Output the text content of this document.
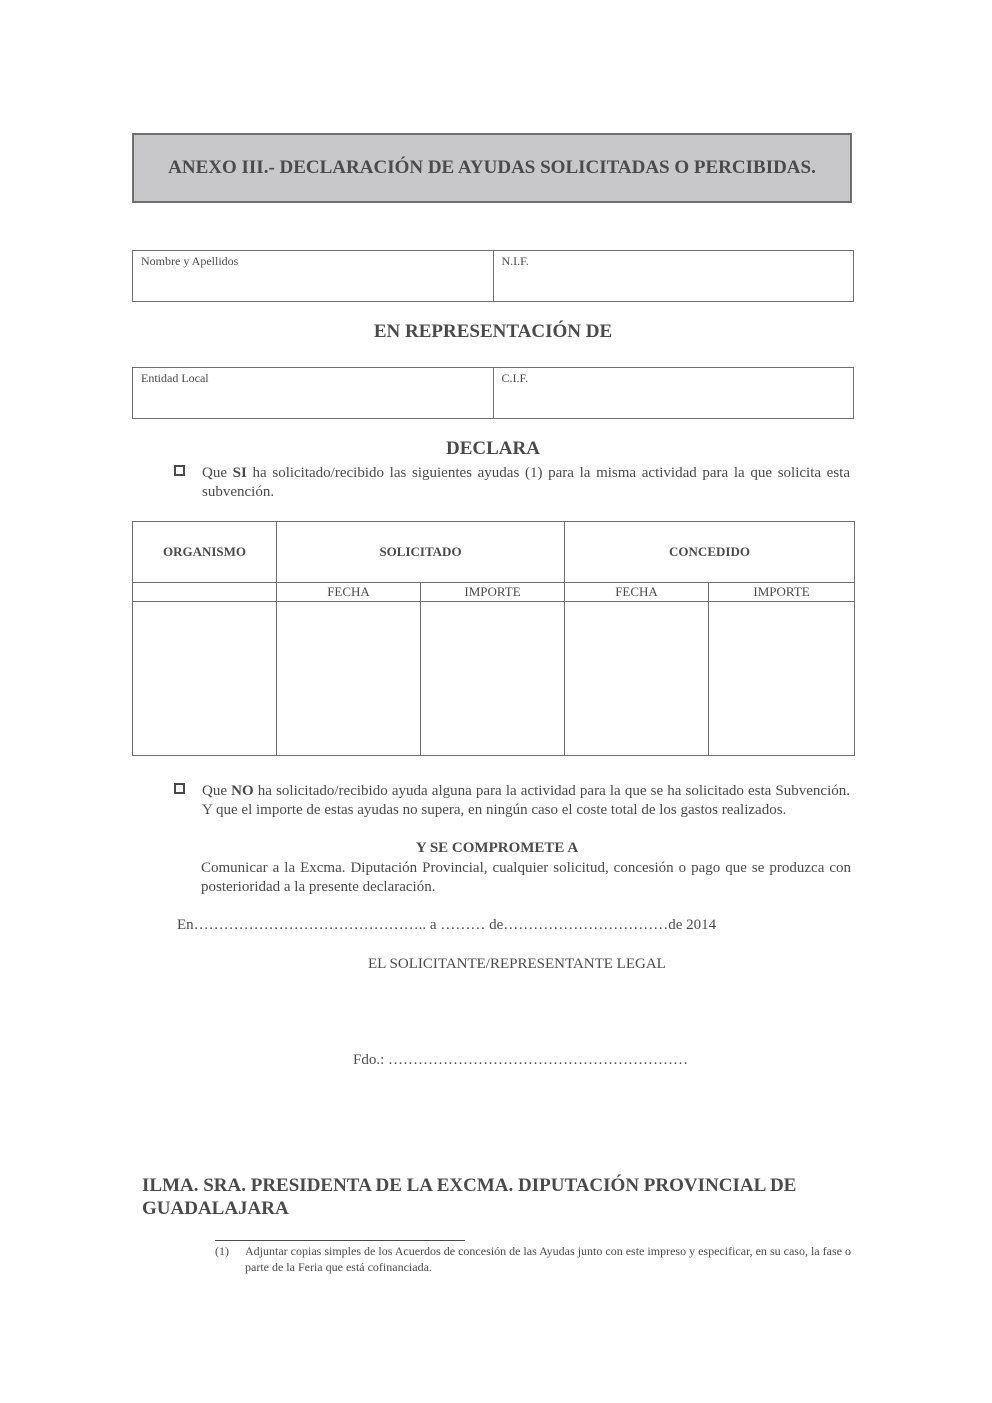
ANEXO III.- DECLARACIÓN DE AYUDAS SOLICITADAS O PERCIBIDAS.
Nombre y Apellidos	N.I.F.
EN REPRESENTACIÓN DE
Entidad Local	C.I.F.
DECLARA
Que SI ha solicitado/recibido las siguientes ayudas (1) para la misma actividad para la que solicita esta subvención.
ORGANISMO	SOLICITADO		CONCEDIDO	
	FECHA	IMPORTE	FECHA	IMPORTE

Que NO ha solicitado/recibido ayuda alguna para la actividad para la que se ha solicitado esta Subvención. Y que el importe de estas ayudas no supera, en ningún caso el coste total de los gastos realizados.
Y SE COMPROMETE A
Comunicar a la Excma. Diputación Provincial, cualquier solicitud, concesión o pago que se produzca con posterioridad a la presente declaración.
En……………………………………….. a ……… de……………………………de 2014
EL SOLICITANTE/REPRESENTANTE LEGAL
Fdo.: ……………………………………………………
ILMA. SRA. PRESIDENTA DE LA EXCMA. DIPUTACIÓN PROVINCIAL DE GUADALAJARA
(1)	Adjuntar copias simples de los Acuerdos de concesión de las Ayudas junto con este impreso y especificar, en su caso, la fase o parte de la Feria que está cofinanciada.
